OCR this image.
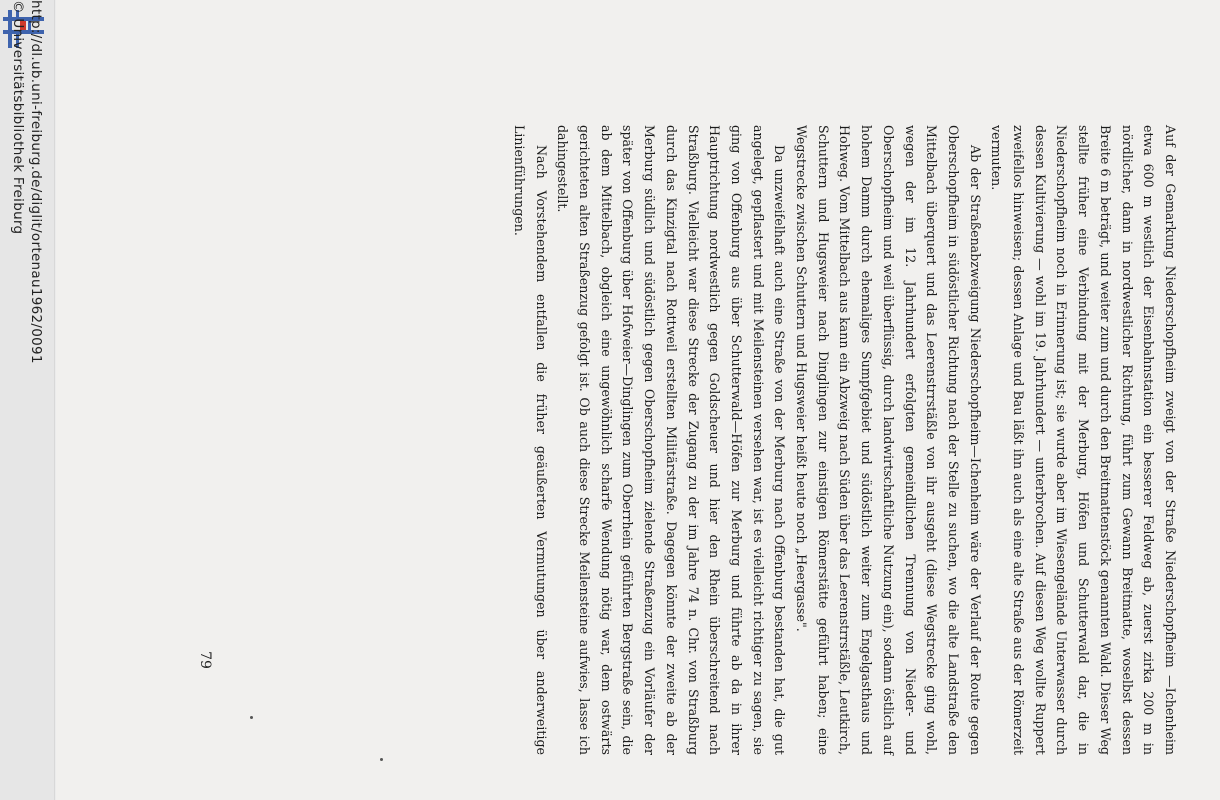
http://dl.ub.uni-freiburg.de/diglit/ortenau1962/0091
© Universitätsbibliothek Freiburg

Auf der Gemarkung Niederschopfheim zweigt von der Straße Niederschopfheim —Ichenheim etwa 600 m westlich der Eisenbahnstation ein besserer Feldweg ab, zuerst zirka 200 m in nördlicher, dann in nordwestlicher Richtung, führt zum Gewann Breitmatte, woselbst dessen Breite 6 m beträgt, und weiter zum und durch den Breitmattenstöck genannten Wald. Dieser Weg stellte früher eine Verbindung mit der Merburg, Höfen und Schutterwald dar, die in Niederschopfheim noch in Erinnerung ist; sie wurde aber im Wiesengelände Unterwasser durch dessen Kultivierung — wohl im 19. Jahrhundert — unterbrochen. Auf diesen Weg wollte Ruppert zweifellos hinweisen; dessen Anlage und Bau läßt ihn auch als eine alte Straße aus der Römerzeit vermuten.

Ab der Straßenabzweigung Niederschopfheim—Ichenheim wäre der Verlauf der Route gegen Oberschopfheim in südöstlicher Richtung nach der Stelle zu suchen, wo die alte Landstraße den Mittelbach überquert und das Leerenstrrstäßle von ihr ausgeht (diese Wegstrecke ging wohl, wegen der im 12. Jahrhundert erfolgten gemeindlichen Trennung von Nieder- und Oberschopfheim und weil überflüssig, durch landwirtschaftliche Nutzung ein), sodann östlich auf hohem Damm durch ehemaliges Sumpfgebiet und südöstlich weiter zum Engelgasthaus und Hohweg. Vom Mittelbach aus kann ein Abzweig nach Süden über das Leerenstrrstäßle, Leutkirch, Schuttern und Hugsweier nach Dinglingen zur einstigen Römerstätte geführt haben; eine Wegstrecke zwischen Schuttern und Hugsweier heißt heute noch „Heergasse".

Da unzweifelhaft auch eine Straße von der Merburg nach Offenburg bestanden hat, die gut angelegt, gepflastert und mit Meilensteinen versehen war, ist es vielleicht richtiger zu sagen, sie ging von Offenburg aus über Schutterwald—Höfen zur Merburg und führte ab da in ihrer Hauptrichtung nordwestlich gegen Goldscheuer und hier den Rhein überschreitend nach Straßburg. Vielleicht war diese Strecke der Zugang zu der im Jahre 74 n. Chr. von Straßburg durch das Kinzigtal nach Rottweil erstellten Militärstraße. Dagegen könnte der zweite ab der Merburg südlich und südöstlich gegen Oberschopfheim zielende Straßenzug ein Vorläufer der später von Offenburg über Hofweier—Dinglingen zum Oberrhein geführten Bergstraße sein, die ab dem Mittelbach, obgleich eine ungewöhnlich scharfe Wendung nötig war, dem ostwärts gerichteten alten Straßenzug gefolgt ist. Ob auch diese Strecke Meilensteine aufwies, lasse ich dahingestellt.

Nach Vorstehendem entfallen die früher geäußerten Vermutungen über anderweitige Linienführungen.

79
